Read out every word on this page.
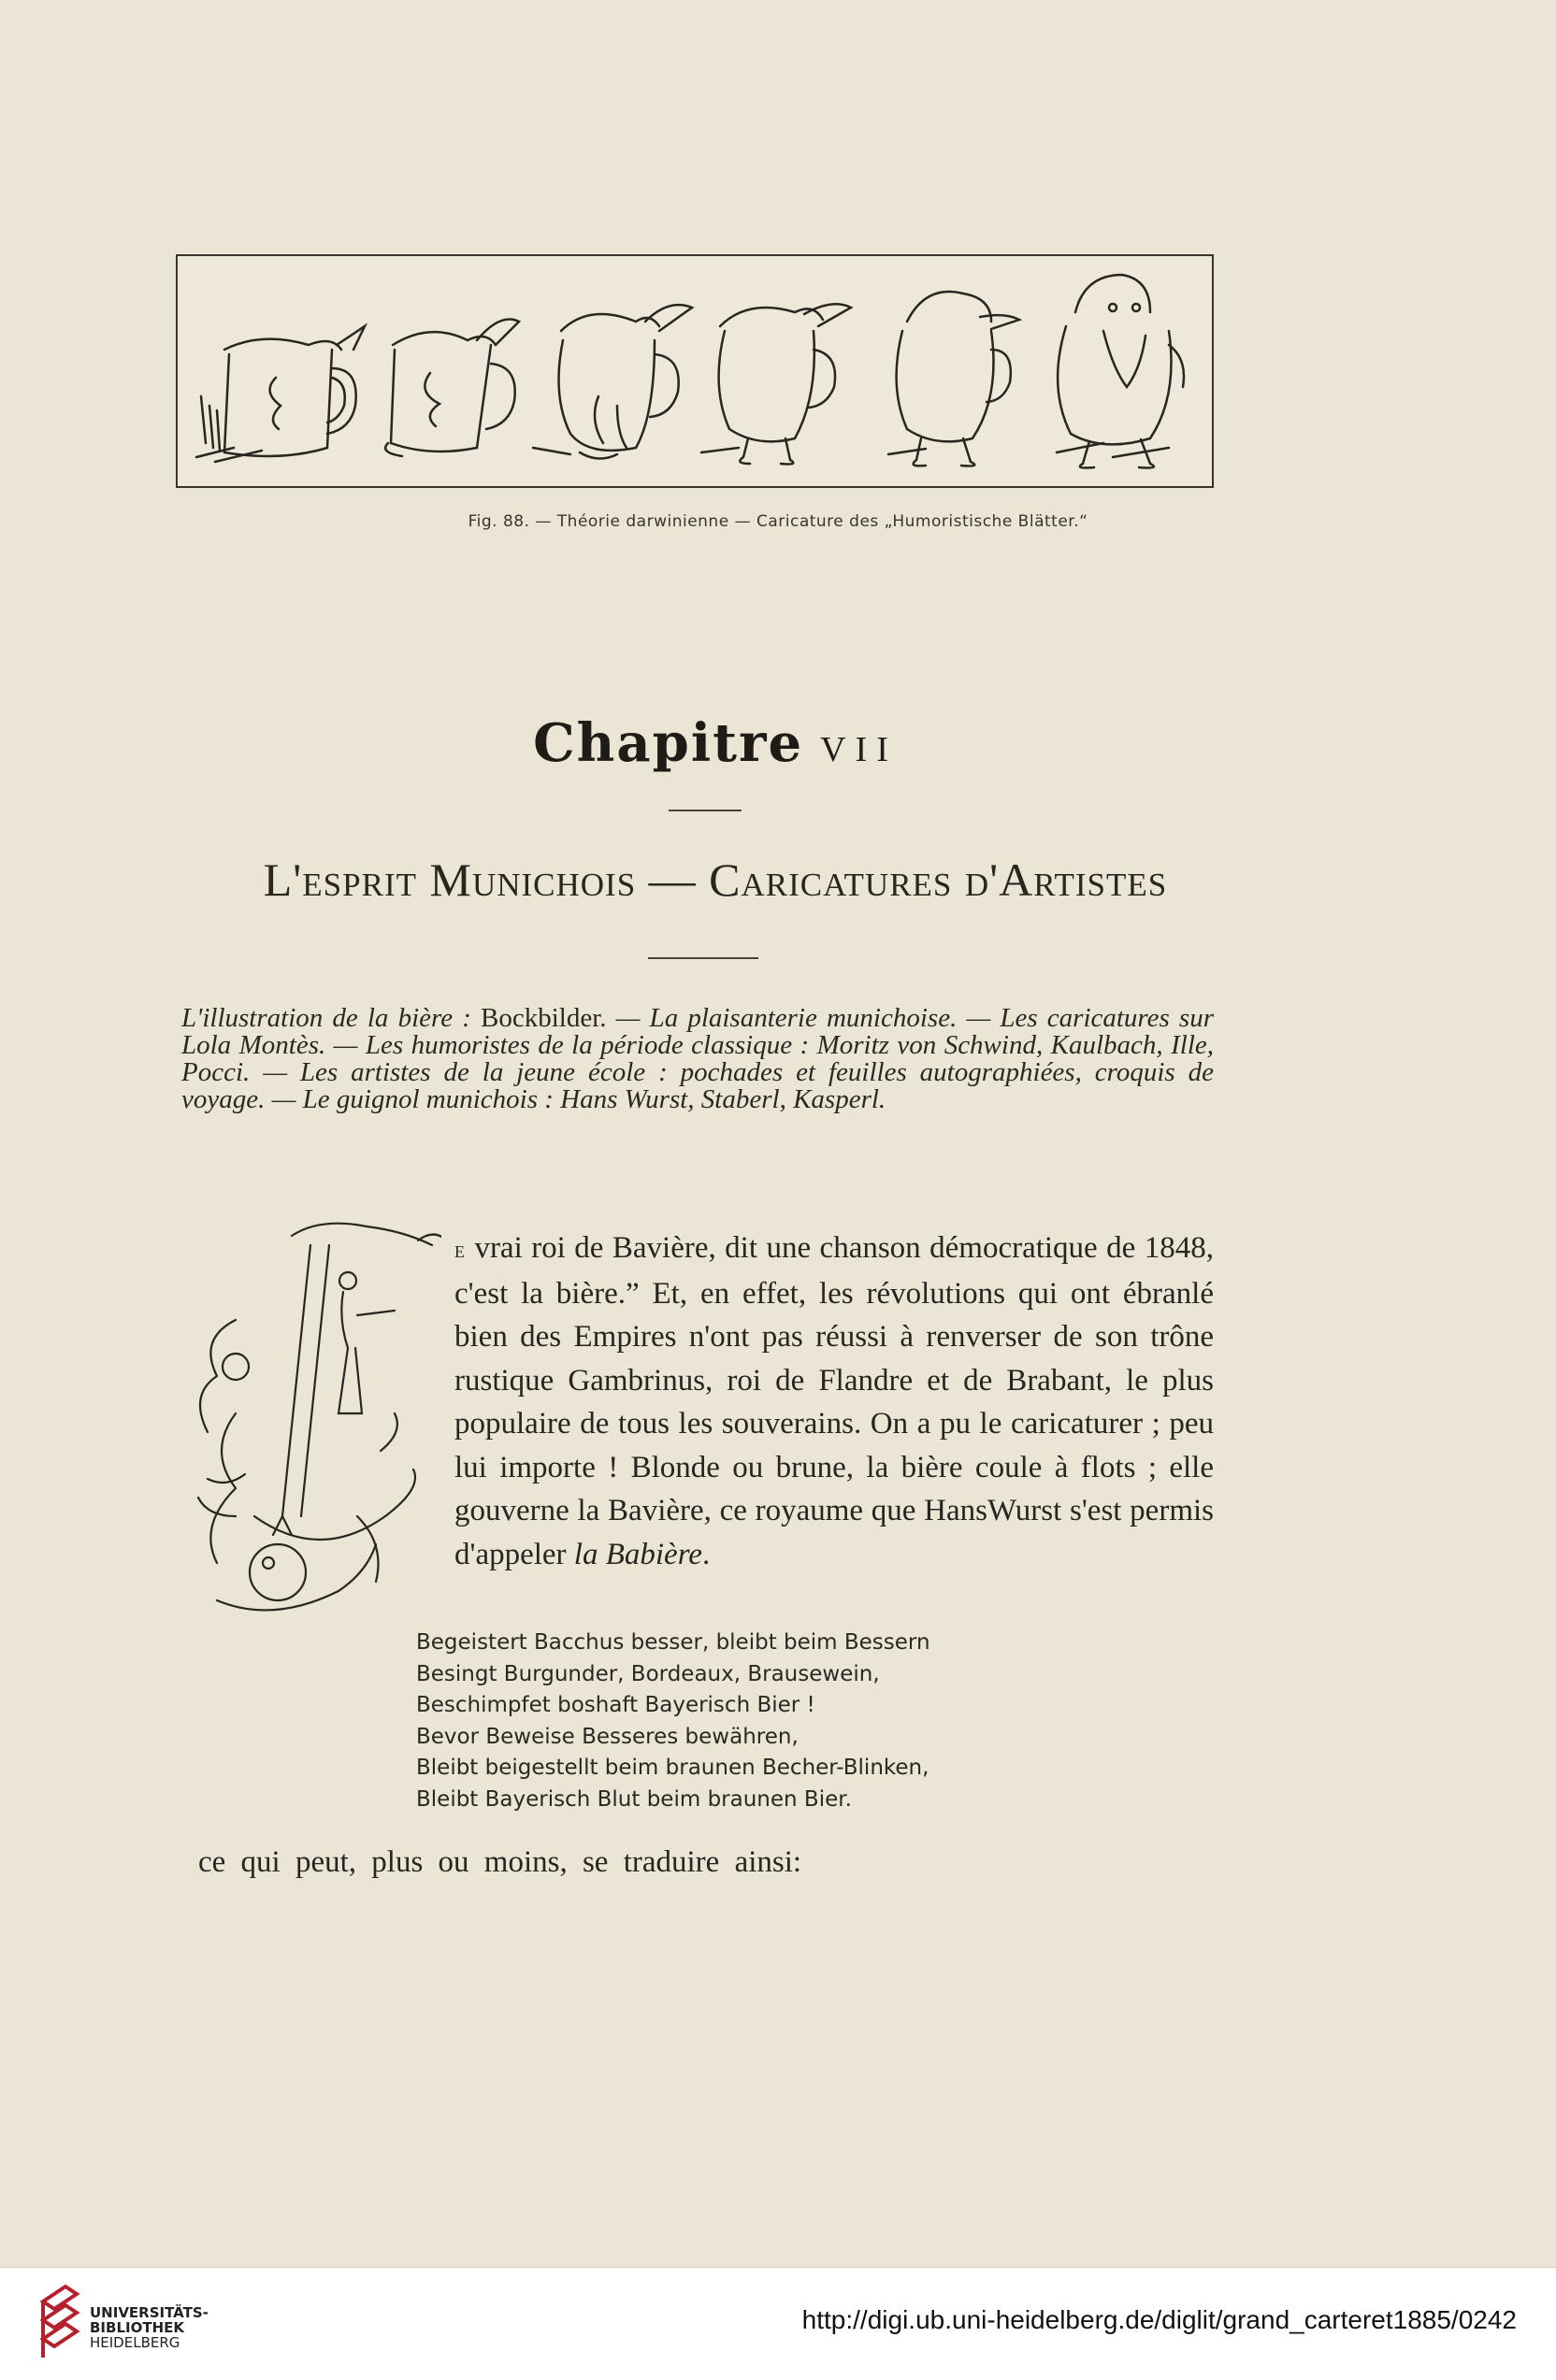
Fig. 88. — Théorie darwinienne — Caricature des „Humoristische Blätter.“
Chapitre VII
L'esprit Munichois — Caricatures d'Artistes
L'illustration de la bière : Bockbilder. — La plaisanterie munichoise. — Les caricatures sur Lola Montès. — Les humoristes de la période classique : Moritz von Schwind, Kaulbach, Ille, Pocci. — Les artistes de la jeune école : pochades et feuilles autographiées, croquis de voyage. — Le guignol munichois : Hans Wurst, Staberl, Kasperl.
e vrai roi de Bavière, dit une chanson démocratique de 1848, c'est la bière.” Et, en effet, les révolutions qui ont ébranlé bien des Empires n'ont pas réussi à renverser de son trône rustique Gambrinus, roi de Flandre et de Brabant, le plus populaire de tous les souverains. On a pu le caricaturer ; peu lui importe ! Blonde ou brune, la bière coule à flots ; elle gouverne la Bavière, ce royaume que HansWurst s'est permis d'appeler la Babière.
Begeistert Bacchus besser, bleibt beim Bessern
Besingt Burgunder, Bordeaux, Brausewein,
Beschimpfet boshaft Bayerisch Bier !
Bevor Beweise Besseres bewähren,
Bleibt beigestellt beim braunen Becher-Blinken,
Bleibt Bayerisch Blut beim braunen Bier.
ce qui peut, plus ou moins, se traduire ainsi:
UNIVERSITÄTS-
BIBLIOTHEK
HEIDELBERG
http://digi.ub.uni-heidelberg.de/diglit/grand_carteret1885/0242
